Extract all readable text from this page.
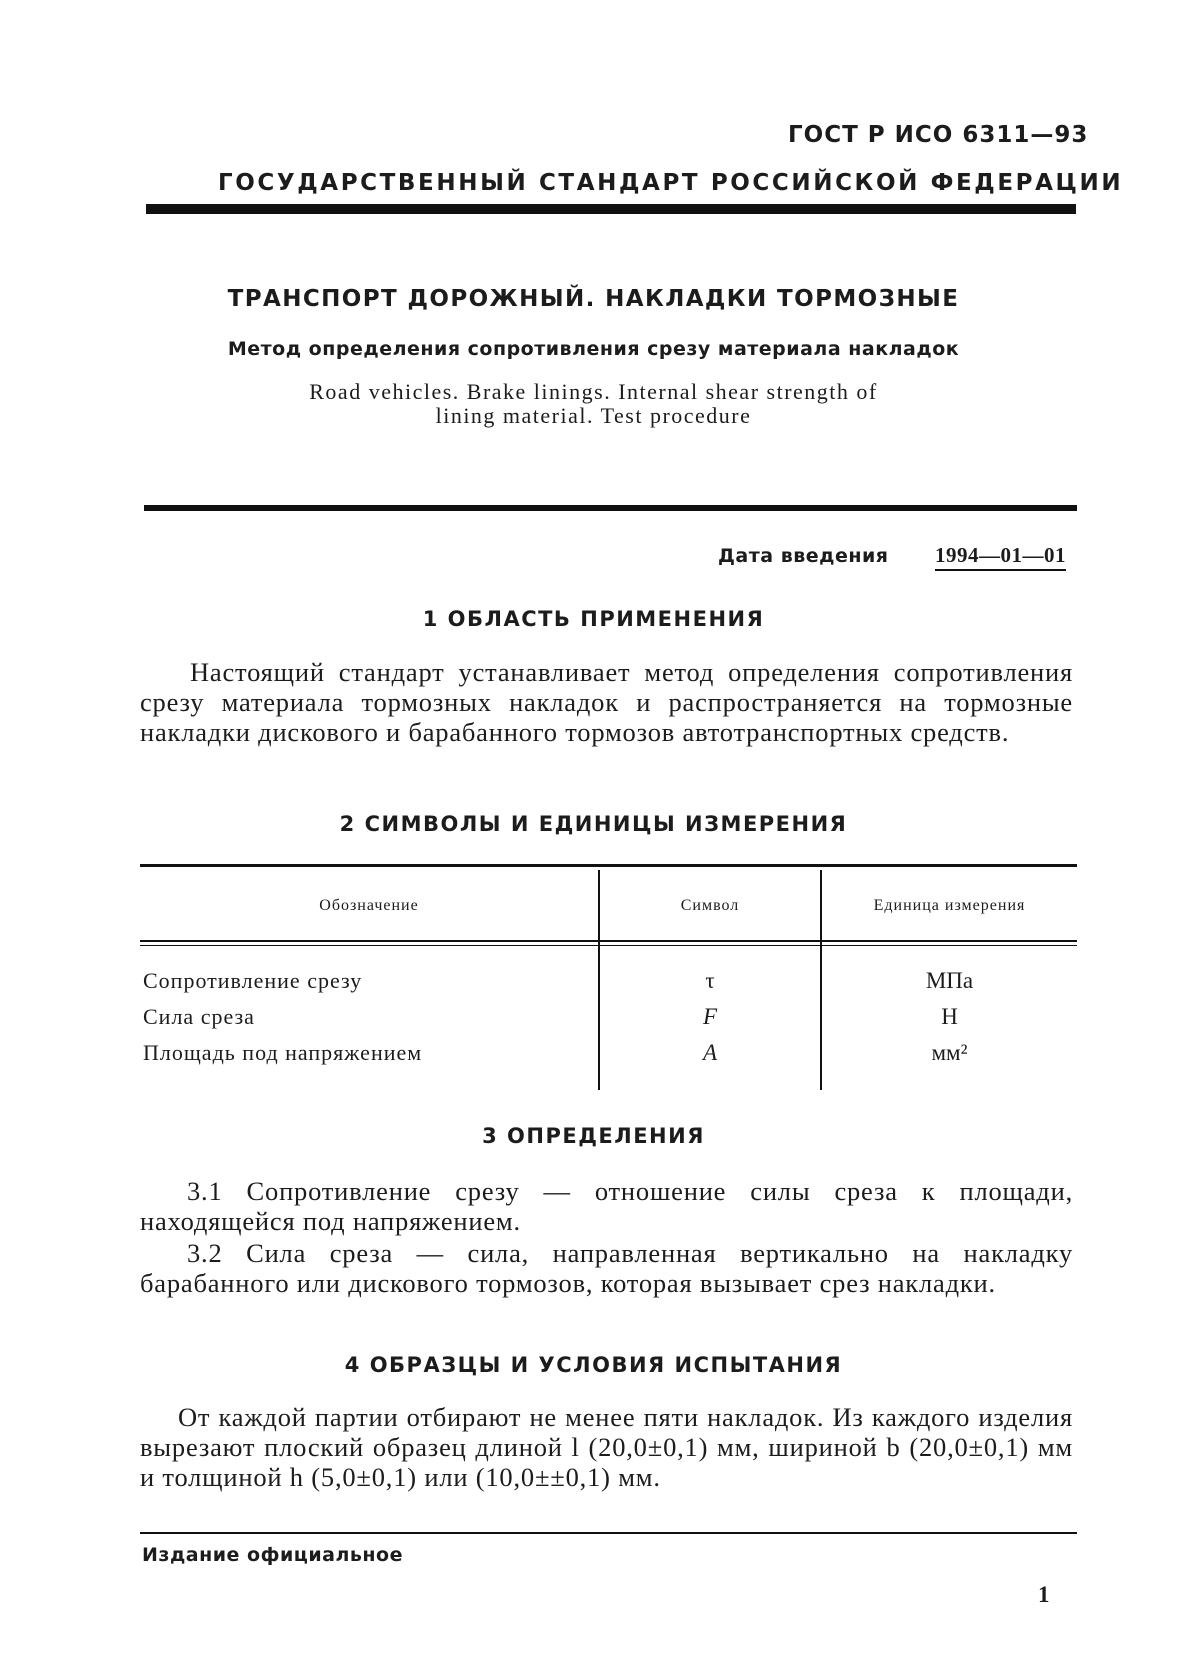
ГОСТ Р ИСО 6311—93
ГОСУДАРСТВЕННЫЙ СТАНДАРТ РОССИЙСКОЙ ФЕДЕРАЦИИ
ТРАНСПОРТ ДОРОЖНЫЙ. НАКЛАДКИ ТОРМОЗНЫЕ
Метод определения сопротивления срезу материала накладок
Road vehicles. Brake linings. Internal shear strength of
lining material. Test procedure
Дата введения 1994—01—01
1 ОБЛАСТЬ ПРИМЕНЕНИЯ
Настоящий стандарт устанавливает метод определения сопротивления срезу материала тормозных накладок и распространяется на тормозные накладки дискового и барабанного тормозов автотранспортных средств.
2 СИМВОЛЫ И ЕДИНИЦЫ ИЗМЕРЕНИЯ
Обозначение	Символ	Единица измерения
Сопротивление срезу	τ	МПа
Сила среза	F	Н
Площадь под напряжением	A	мм²
3 ОПРЕДЕЛЕНИЯ
3.1 Сопротивление срезу — отношение силы среза к площади, находящейся под напряжением.
3.2 Сила среза — сила, направленная вертикально на накладку барабанного или дискового тормозов, которая вызывает срез накладки.
4 ОБРАЗЦЫ И УСЛОВИЯ ИСПЫТАНИЯ
От каждой партии отбирают не менее пяти накладок. Из каждого изделия вырезают плоский образец длиной l (20,0±0,1) мм, шириной b (20,0±0,1) мм и толщиной h (5,0±0,1) или (10,0±±0,1) мм.
Издание официальное
1
